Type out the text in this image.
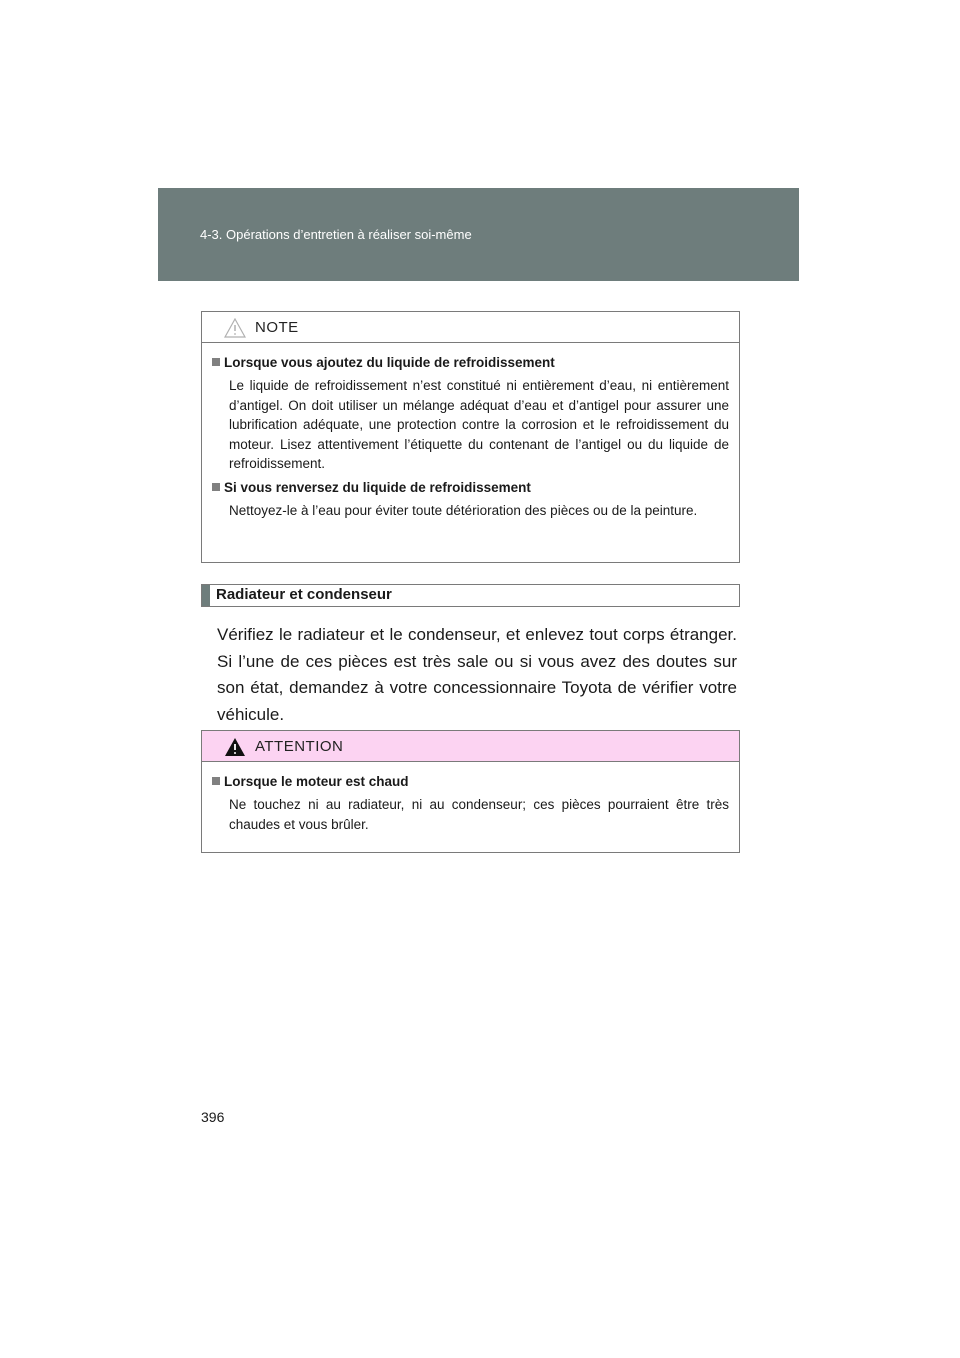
4-3. Opérations d’entretien à réaliser soi-même
NOTE
Lorsque vous ajoutez du liquide de refroidissement
Le liquide de refroidissement n’est constitué ni entièrement d’eau, ni entièrement d’antigel. On doit utiliser un mélange adéquat d’eau et d’antigel pour assurer une lubrification adéquate, une protection contre la corrosion et le refroidissement du moteur. Lisez attentivement l’étiquette du contenant de l’antigel ou du liquide de refroidissement.
Si vous renversez du liquide de refroidissement
Nettoyez-le à l’eau pour éviter toute détérioration des pièces ou de la peinture.
Radiateur et condenseur
Vérifiez le radiateur et le condenseur, et enlevez tout corps étranger. Si l’une de ces pièces est très sale ou si vous avez des doutes sur son état, demandez à votre concessionnaire Toyota de vérifier votre véhicule.
ATTENTION
Lorsque le moteur est chaud
Ne touchez ni au radiateur, ni au condenseur; ces pièces pourraient être très chaudes et vous brûler.
396
